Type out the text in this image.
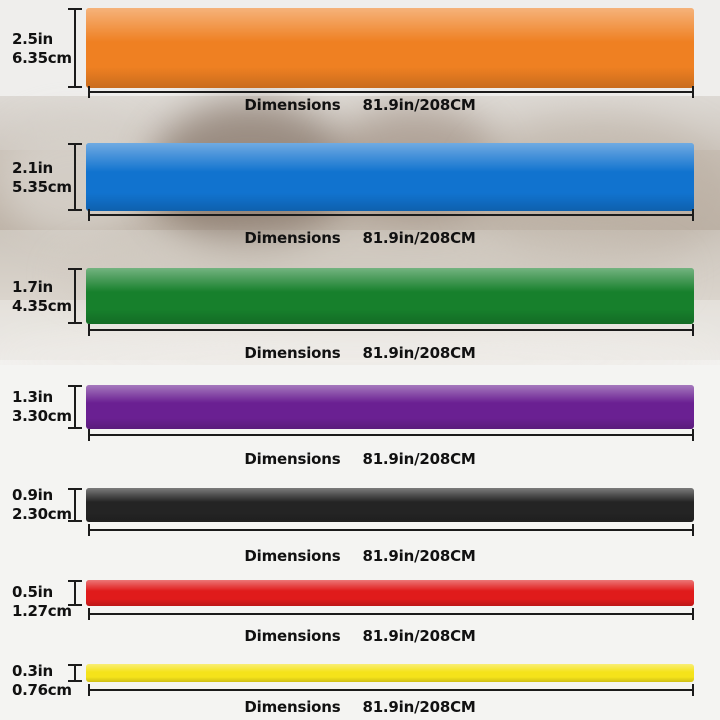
2.5in
6.35cm
Dimensions 81.9in/208CM
2.1in
5.35cm
Dimensions 81.9in/208CM
1.7in
4.35cm
Dimensions 81.9in/208CM
1.3in
3.30cm
Dimensions 81.9in/208CM
0.9in
2.30cm
Dimensions 81.9in/208CM
0.5in
1.27cm
Dimensions 81.9in/208CM
0.3in
0.76cm
Dimensions 81.9in/208CM
